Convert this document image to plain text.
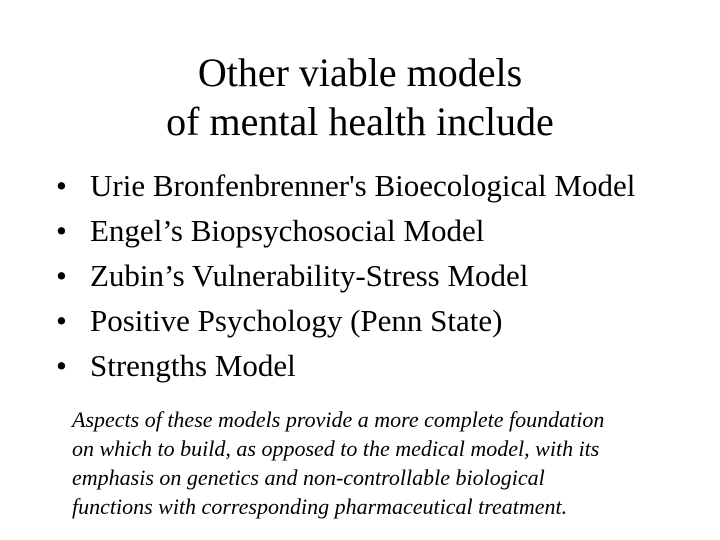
Other viable models
of mental health include
• Urie Bronfenbrenner's Bioecological Model
• Engel’s Biopsychosocial Model
• Zubin’s Vulnerability-Stress Model
• Positive Psychology (Penn State)
• Strengths Model

Aspects of these models provide a more complete foundation
on which to build, as opposed to the medical model, with its
emphasis on genetics and non-controllable biological
functions with corresponding pharmaceutical treatment.
